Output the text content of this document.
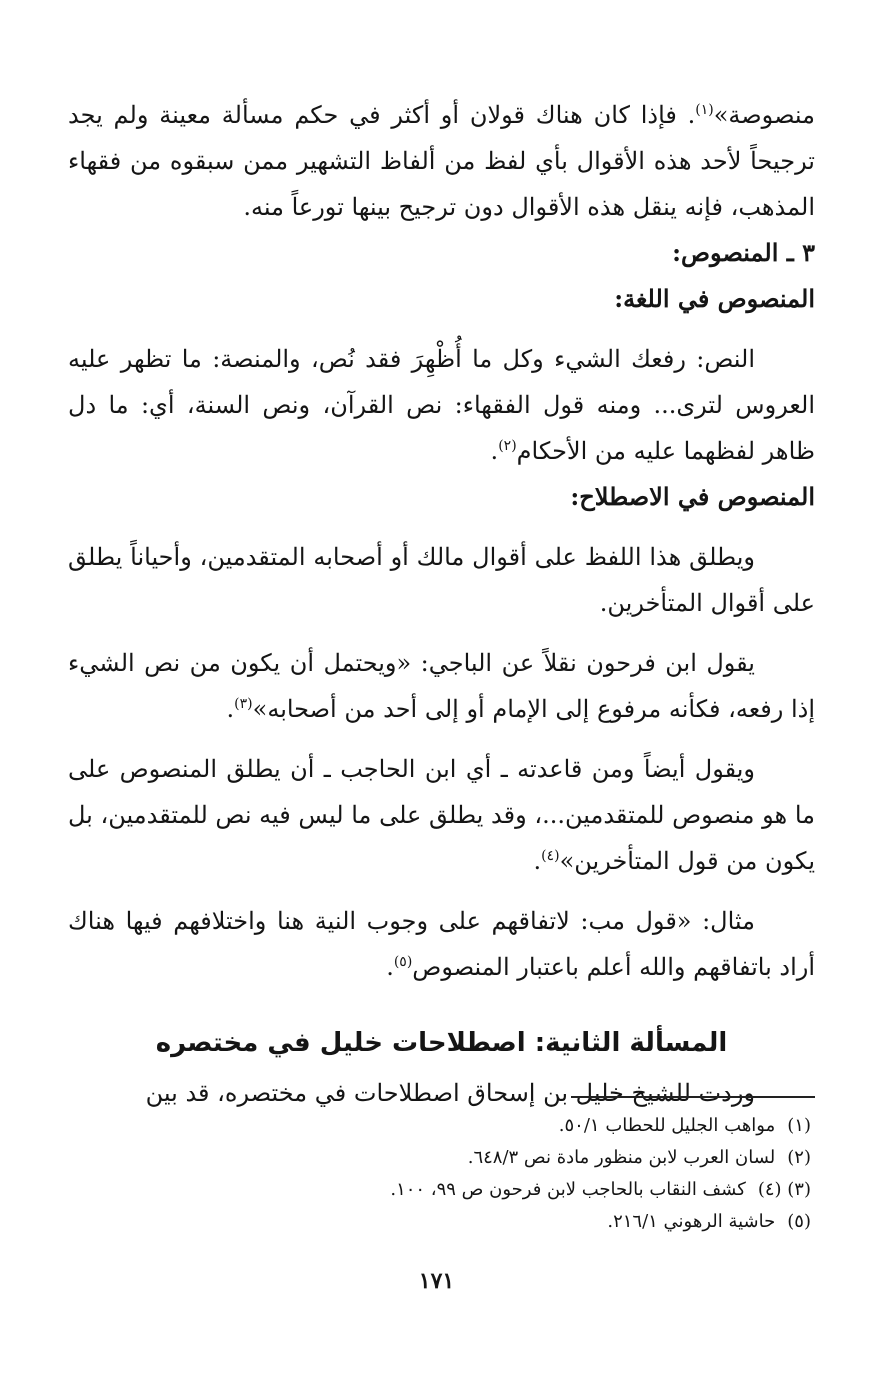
منصوصة»$^{(١)}$. فإذا كان هناك قولان أو أكثر في حكم مسألة معينة ولم يجد ترجيحاً لأحد هذه الأقوال بأي لفظ من ألفاظ التشهير ممن سبقوه من فقهاء المذهب، فإنه ينقل هذه الأقوال دون ترجيح بينها تورعاً منه.

٣ ـ المنصوص:

المنصوص في اللغة:

النص: رفعك الشيء وكل ما أُظْهِرَ فقد نُص، والمنصة: ما تظهر عليه العروس لترى... ومنه قول الفقهاء: نص القرآن، ونص السنة، أي: ما دل ظاهر لفظهما عليه من الأحكام$^{(٢)}$.

المنصوص في الاصطلاح:

ويطلق هذا اللفظ على أقوال مالك أو أصحابه المتقدمين، وأحياناً يطلق على أقوال المتأخرين.

يقول ابن فرحون نقلاً عن الباجي: «ويحتمل أن يكون من نص الشيء إذا رفعه، فكأنه مرفوع إلى الإمام أو إلى أحد من أصحابه»$^{(٣)}$.

ويقول أيضاً ومن قاعدته ـ أي ابن الحاجب ـ أن يطلق المنصوص على ما هو منصوص للمتقدمين...، وقد يطلق على ما ليس فيه نص للمتقدمين، بل يكون من قول المتأخرين»$^{(٤)}$.

مثال: «قول مب: لاتفاقهم على وجوب النية هنا واختلافهم فيها هناك أراد باتفاقهم والله أعلم باعتبار المنصوص$^{(٥)}$.

المسألة الثانية: اصطلاحات خليل في مختصره

وردت للشيخ خليل بن إسحاق اصطلاحات في مختصره، قد بين

(١)مواهب الجليل للحطاب ٥٠/١.

(٢)لسان العرب لابن منظور مادة نص ٦٤٨/٣.

(٣) (٤)كشف النقاب بالحاجب لابن فرحون ص ٩٩، ١٠٠.

(٥)حاشية الرهوني ٢١٦/١.

١٧١
